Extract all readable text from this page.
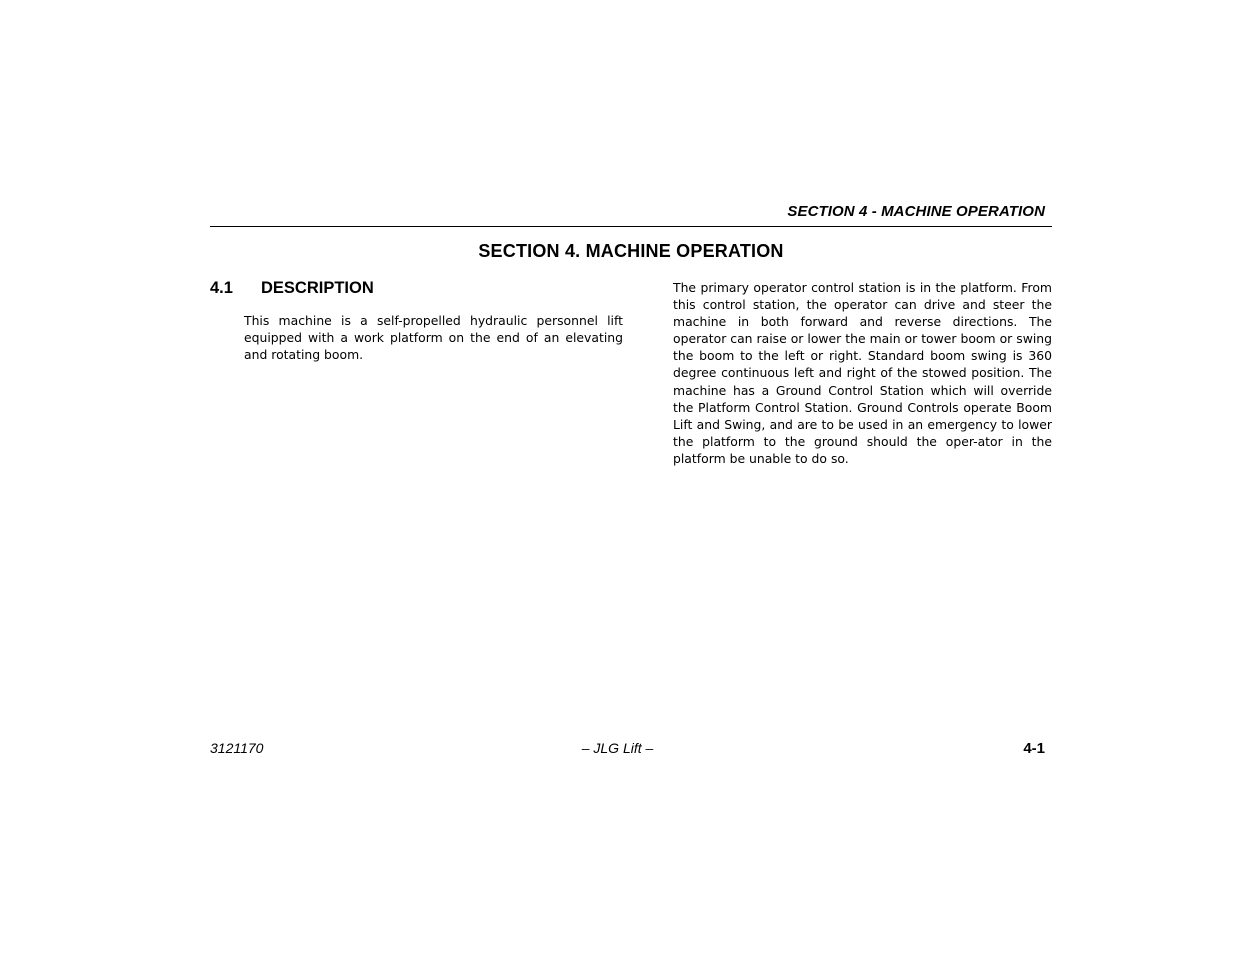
SECTION 4 - MACHINE OPERATION
SECTION 4. MACHINE OPERATION
4.1 DESCRIPTION

This machine is a self-propelled hydraulic personnel lift equipped with a work platform on the end of an elevating and rotating boom.

The primary operator control station is in the platform. From this control station, the operator can drive and steer the machine in both forward and reverse directions. The operator can raise or lower the main or tower boom or swing the boom to the left or right. Standard boom swing is 360 degree continuous left and right of the stowed position. The machine has a Ground Control Station which will override the Platform Control Station. Ground Controls operate Boom Lift and Swing, and are to be used in an emergency to lower the platform to the ground should the oper-ator in the platform be unable to do so.

3121170	– JLG Lift –	4-1
